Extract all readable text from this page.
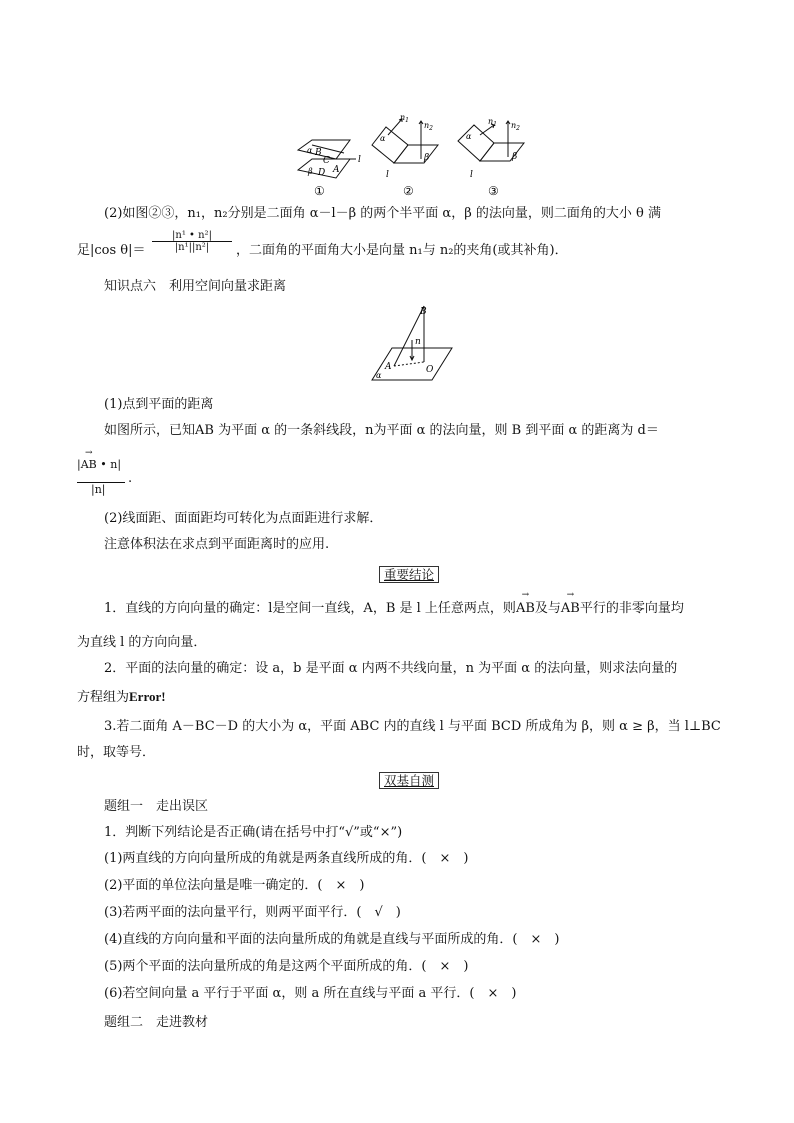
α B
C
β D A
l
$n_1$
$n_2$
α
β
l
$n_1$ $n_2$
α
β
l
①	②	③
(2)如图②③，n₁，n₂分别是二面角 α－l－β 的两个半平面 α，β 的法向量，则二面角的大小 θ 满
足|cos $\theta|= \frac{\text{|n¹ • n²|}}{\text{|n¹||n²|}}$ ，二面角的平面角大小是向量 n₁与 n₂的夹角(或其补角)．
知识点六　利用空间向量求距离
B
n
A	O
α
(1)点到平面的距离
如图所示，已知AB 为平面 α 的一条斜线段，n为平面 α 的法向量，则 B 到平面 α 的距离为 d＝
|→ AB • n|
|n|
.
(2)线面距、面面距均可转化为点面距进行求解．
注意体积法在求点到平面距离时的应用.
重要结论
1．直线的方向向量的确定：l是空间一直线，A，B 是 l 上任意两点，则→ AB及与→ AB平行的非零向量均
为直线 l 的方向向量．
2．平面的法向量的确定：设 a，b 是平面 α 内两不共线向量，n 为平面 α 的法向量，则求法向量的
方程组为Error!
3.若二面角 A－BC－D 的大小为 α，平面 ABC 内的直线 l 与平面 BCD 所成角为 β，则 α ≥ β，当 l⊥BC
时，取等号．
双基自测
题组一　走出误区
1．判断下列结论是否正确(请在括号中打“√”或“×”)
(1)两直线的方向向量所成的角就是两条直线所成的角．(　×　)
(2)平面的单位法向量是唯一确定的．(　×　)
(3)若两平面的法向量平行，则两平面平行．(　√　)
(4)直线的方向向量和平面的法向量所成的角就是直线与平面所成的角．(　×　)
(5)两个平面的法向量所成的角是这两个平面所成的角．(　×　)
(6)若空间向量 a 平行于平面 α，则 a 所在直线与平面 a 平行．(　×　)
题组二　走进教材
